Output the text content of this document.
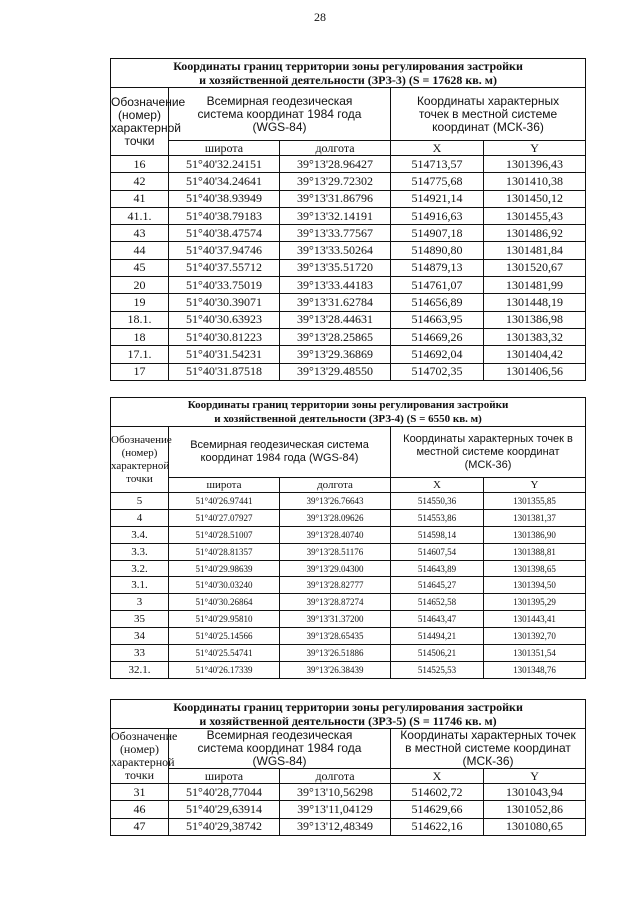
28
Координаты границ территории зоны регулирования застройки
и хозяйственной деятельности (ЗРЗ-3) (S = 17628 кв. м)				
Обозначение (номер) характерной точки	Всемирная геодезическая система координат 1984 года (WGS-84)		Координаты характерных точек в местной системе координат (МСК-36)	
	широта	долгота	X	Y
16	51°40'32.24151	39°13'28.96427	514713,57	1301396,43
42	51°40'34.24641	39°13'29.72302	514775,68	1301410,38
41	51°40'38.93949	39°13'31.86796	514921,14	1301450,12
41.1.	51°40'38.79183	39°13'32.14191	514916,63	1301455,43
43	51°40'38.47574	39°13'33.77567	514907,18	1301486,92
44	51°40'37.94746	39°13'33.50264	514890,80	1301481,84
45	51°40'37.55712	39°13'35.51720	514879,13	1301520,67
20	51°40'33.75019	39°13'33.44183	514761,07	1301481,99
19	51°40'30.39071	39°13'31.62784	514656,89	1301448,19
18.1.	51°40'30.63923	39°13'28.44631	514663,95	1301386,98
18	51°40'30.81223	39°13'28.25865	514669,26	1301383,32
17.1.	51°40'31.54231	39°13'29.36869	514692,04	1301404,42
17	51°40'31.87518	39°13'29.48550	514702,35	1301406,56
Координаты границ территории зоны регулирования застройки
и хозяйственной деятельности (ЗРЗ-4) (S = 6550 кв. м)				
Обозначение (номер) характерной точки	Всемирная геодезическая система координат 1984 года (WGS-84)		Координаты характерных точек в местной системе координат (МСК-36)	
	широта	долгота	X	Y
5	51°40'26.97441	39°13'26.76643	514550,36	1301355,85
4	51°40'27.07927	39°13'28.09626	514553,86	1301381,37
3.4.	51°40'28.51007	39°13'28.40740	514598,14	1301386,90
3.3.	51°40'28.81357	39°13'28.51176	514607,54	1301388,81
3.2.	51°40'29.98639	39°13'29.04300	514643,89	1301398,65
3.1.	51°40'30.03240	39°13'28.82777	514645,27	1301394,50
3	51°40'30.26864	39°13'28.87274	514652,58	1301395,29
35	51°40'29.95810	39°13'31.37200	514643,47	1301443,41
34	51°40'25.14566	39°13'28.65435	514494,21	1301392,70
33	51°40'25.54741	39°13'26.51886	514506,21	1301351,54
32.1.	51°40'26.17339	39°13'26.38439	514525,53	1301348,76
Координаты границ территории зоны регулирования застройки
и хозяйственной деятельности (ЗРЗ-5) (S = 11746 кв. м)				
Обозначение (номер) характерной точки	Всемирная геодезическая система координат 1984 года (WGS-84)		Координаты характерных точек в местной системе координат (МСК-36)	
	широта	долгота	X	Y
31	51°40'28,77044	39°13'10,56298	514602,72	1301043,94
46	51°40'29,63914	39°13'11,04129	514629,66	1301052,86
47	51°40'29,38742	39°13'12,48349	514622,16	1301080,65
